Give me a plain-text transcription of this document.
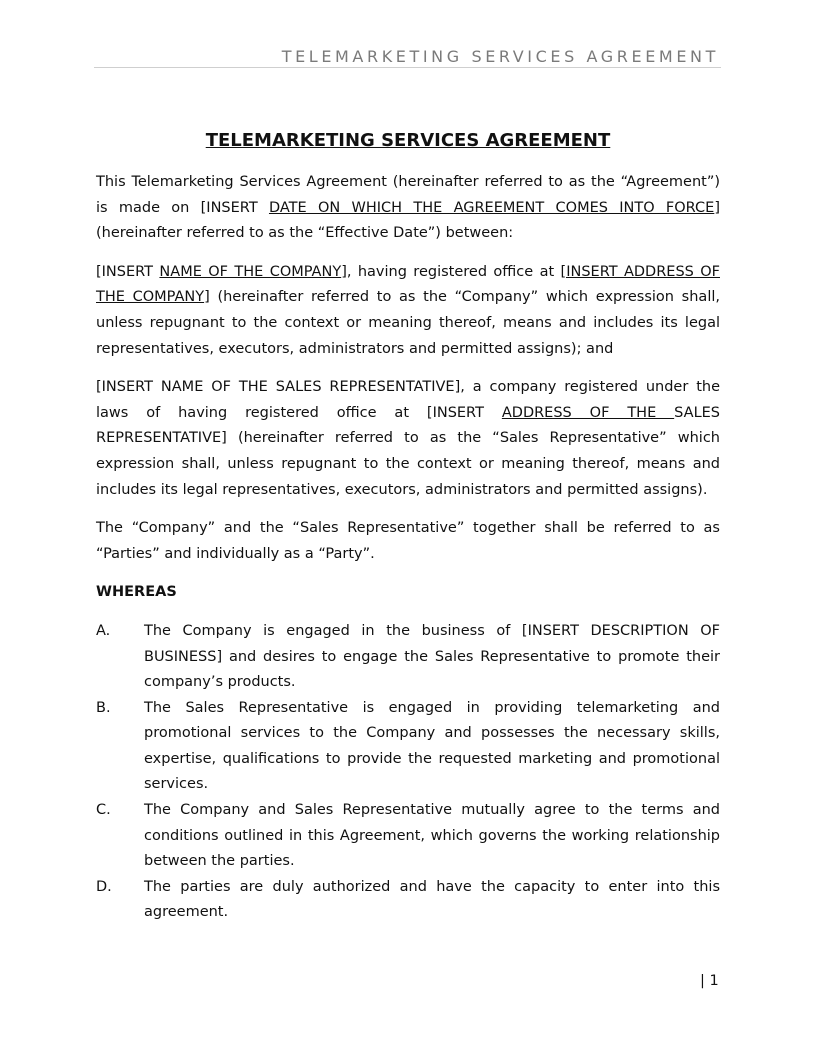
TELEMARKETING SERVICES AGREEMENT
TELEMARKETING SERVICES AGREEMENT

This Telemarketing Services Agreement (hereinafter referred to as the “Agreement”) is made on [INSERT DATE ON WHICH THE AGREEMENT COMES INTO FORCE] (hereinafter referred to as the “Effective Date”) between:

[INSERT NAME OF THE COMPANY], having registered office at [INSERT ADDRESS OF THE COMPANY] (hereinafter referred to as the “Company” which expression shall, unless repugnant to the context or meaning thereof, means and includes its legal representatives, executors, administrators and permitted assigns); and

[INSERT NAME OF THE SALES REPRESENTATIVE], a company registered under the laws of having registered office at [INSERT ADDRESS OF THE SALES REPRESENTATIVE] (hereinafter referred to as the “Sales Representative” which expression shall, unless repugnant to the context or meaning thereof, means and includes its legal representatives, executors, administrators and permitted assigns).

The “Company” and the “Sales Representative” together shall be referred to as “Parties” and individually as a “Party”.

WHEREAS
A.	The Company is engaged in the business of [INSERT DESCRIPTION OF BUSINESS] and desires to engage the Sales Representative to promote their company’s products.
B.	The Sales Representative is engaged in providing telemarketing and promotional services to the Company and possesses the necessary skills, expertise, qualifications to provide the requested marketing and promotional services.
C.	The Company and Sales Representative mutually agree to the terms and conditions outlined in this Agreement, which governs the working relationship between the parties.
D.	The parties are duly authorized and have the capacity to enter into this agreement.
| 1
